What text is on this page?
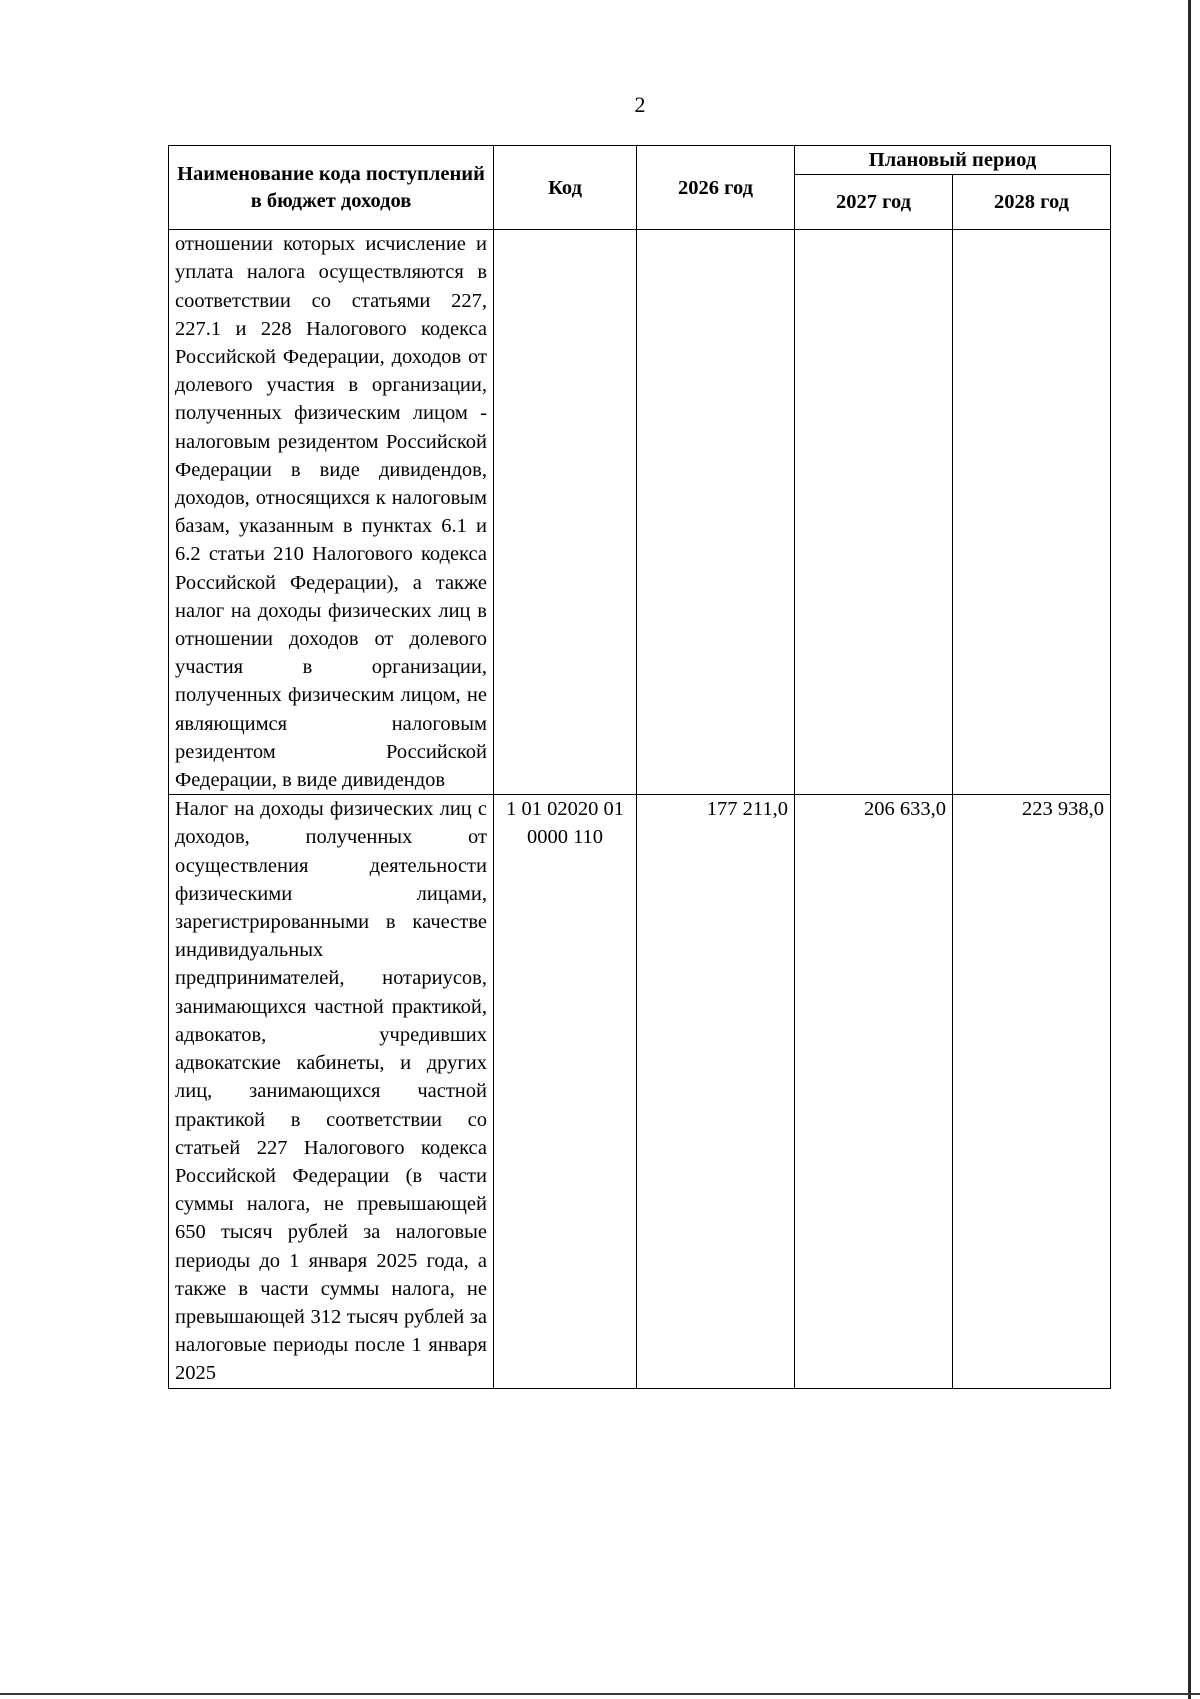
2
Наименование кода поступлений в бюджет доходов	Код	2026 год	Плановый период	
			2027 год	2028 год
отношении которых исчисление и уплата налога осуществляются в соответствии со статьями 227, 227.1 и 228 Налогового кодекса Российской Федерации, доходов от долевого участия в организации, полученных физическим лицом - налоговым резидентом Российской Федерации в виде дивидендов, доходов, относящихся к налоговым базам, указанным в пунктах 6.1 и 6.2 статьи 210 Налогового кодекса Российской Федерации), а также налог на доходы физических лиц в отношении доходов от долевого участия в организации, полученных физическим лицом, не являющимся налоговым резидентом Российской Федерации, в виде дивидендов				
Налог на доходы физических лиц с доходов, полученных от осуществления деятельности физическими лицами, зарегистрированными в качестве индивидуальных предпринимателей, нотариусов, занимающихся частной практикой, адвокатов, учредивших адвокатские кабинеты, и других лиц, занимающихся частной практикой в соответствии со статьей 227 Налогового кодекса Российской Федерации (в части суммы налога, не превышающей 650 тысяч рублей за налоговые периоды до 1 января 2025 года, а также в части суммы налога, не превышающей 312 тысяч рублей за налоговые периоды после 1 января 2025	1 01 02020 01 0000 110	177 211,0	206 633,0	223 938,0
